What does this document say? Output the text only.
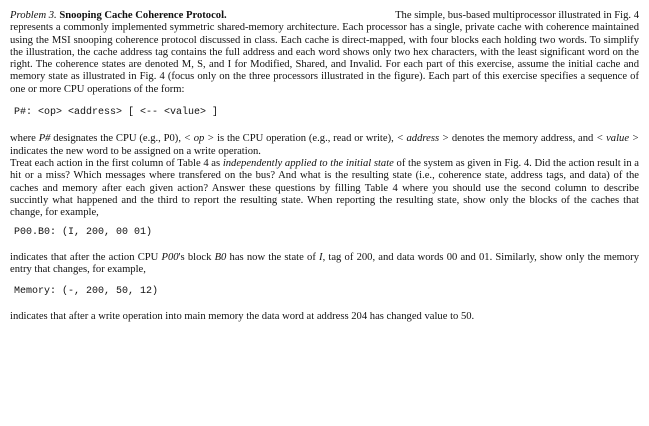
Problem 3. Snooping Cache Coherence Protocol.	The simple, bus-based multiprocessor illustrated in Fig. 4
represents a commonly implemented symmetric shared-memory architecture. Each processor has a single, private cache with coherence maintained using the MSI snooping coherence protocol discussed in class. Each cache is direct-mapped, with four blocks each holding two words. To simplify the illustration, the cache address tag contains the full address and each word shows only two hex characters, with the least significant word on the right. The coherence states are denoted M, S, and I for Modified, Shared, and Invalid. For each part of this exercise, assume the initial cache and memory state as illustrated in Fig. 4 (focus only on the three processors illustrated in the figure). Each part of this exercise specifies a sequence of one or more CPU operations of the form:

P#: <op> <address> [ <-- <value> ]

where P# designates the CPU (e.g., P0), < op > is the CPU operation (e.g., read or write), < address > denotes the memory address, and < value > indicates the new word to be assigned on a write operation.
Treat each action in the first column of Table 4 as independently applied to the initial state of the system as given in Fig. 4. Did the action result in a hit or a miss? Which messages where transfered on the bus? And what is the resulting state (i.e., coherence state, address tags, and data) of the caches and memory after each given action? Answer these questions by filling Table 4 where you should use the second column to describe succintly what happened and the third to report the resulting state. When reporting the resulting state, show only the blocks of the caches that change, for example,

P00.B0: (I, 200, 00 01)

indicates that after the action CPU P00's block B0 has now the state of I, tag of 200, and data words 00 and 01. Similarly, show only the memory entry that changes, for example,

Memory: (-, 200, 50, 12)

indicates that after a write operation into main memory the data word at address 204 has changed value to 50.
